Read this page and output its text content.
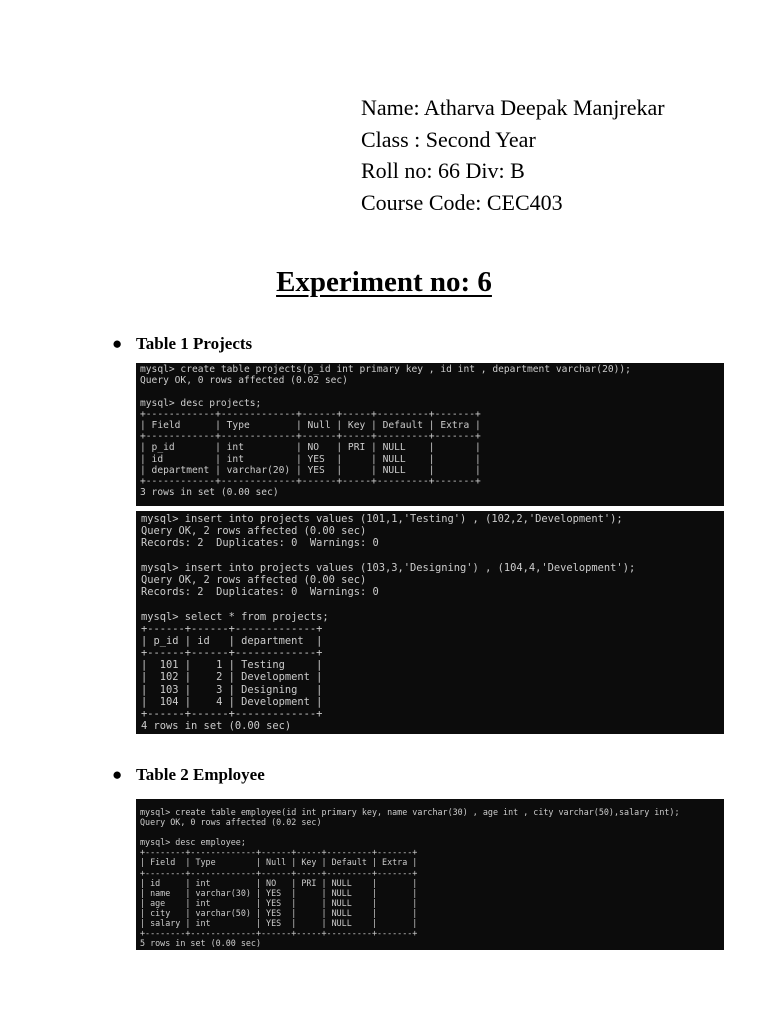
Name: Atharva Deepak Manjrekar
Class : Second Year
Roll no: 66 Div: B
Course Code: CEC403
Experiment no: 6
● Table 1 Projects
mysql> create table projects(p_id int primary key , id int , department varchar(20));
Query OK, 0 rows affected (0.02 sec)
mysql> desc projects;
+------------+-------------+------+-----+---------+-------+
| Field      | Type        | Null | Key | Default | Extra |
+------------+-------------+------+-----+---------+-------+
| p_id       | int         | NO   | PRI | NULL    |       |
| id         | int         | YES  |     | NULL    |       |
| department | varchar(20) | YES  |     | NULL    |       |
+------------+-------------+------+-----+---------+-------+
3 rows in set (0.00 sec)
mysql> insert into projects values (101,1,'Testing') , (102,2,'Development');
Query OK, 2 rows affected (0.00 sec)
Records: 2  Duplicates: 0  Warnings: 0
mysql> insert into projects values (103,3,'Designing') , (104,4,'Development');
Query OK, 2 rows affected (0.00 sec)
Records: 2  Duplicates: 0  Warnings: 0
mysql> select * from projects;
+------+------+-------------+
| p_id | id   | department  |
+------+------+-------------+
|  101 |    1 | Testing     |
|  102 |    2 | Development |
|  103 |    3 | Designing   |
|  104 |    4 | Development |
+------+------+-------------+
4 rows in set (0.00 sec)
● Table 2 Employee
mysql> create table employee(id int primary key, name varchar(30) , age int , city varchar(50),salary int);
Query OK, 0 rows affected (0.02 sec)
mysql> desc employee;
+--------+-------------+------+-----+---------+-------+
| Field  | Type        | Null | Key | Default | Extra |
+--------+-------------+------+-----+---------+-------+
| id     | int         | NO   | PRI | NULL    |       |
| name   | varchar(30) | YES  |     | NULL    |       |
| age    | int         | YES  |     | NULL    |       |
| city   | varchar(50) | YES  |     | NULL    |       |
| salary | int         | YES  |     | NULL    |       |
+--------+-------------+------+-----+---------+-------+
5 rows in set (0.00 sec)
